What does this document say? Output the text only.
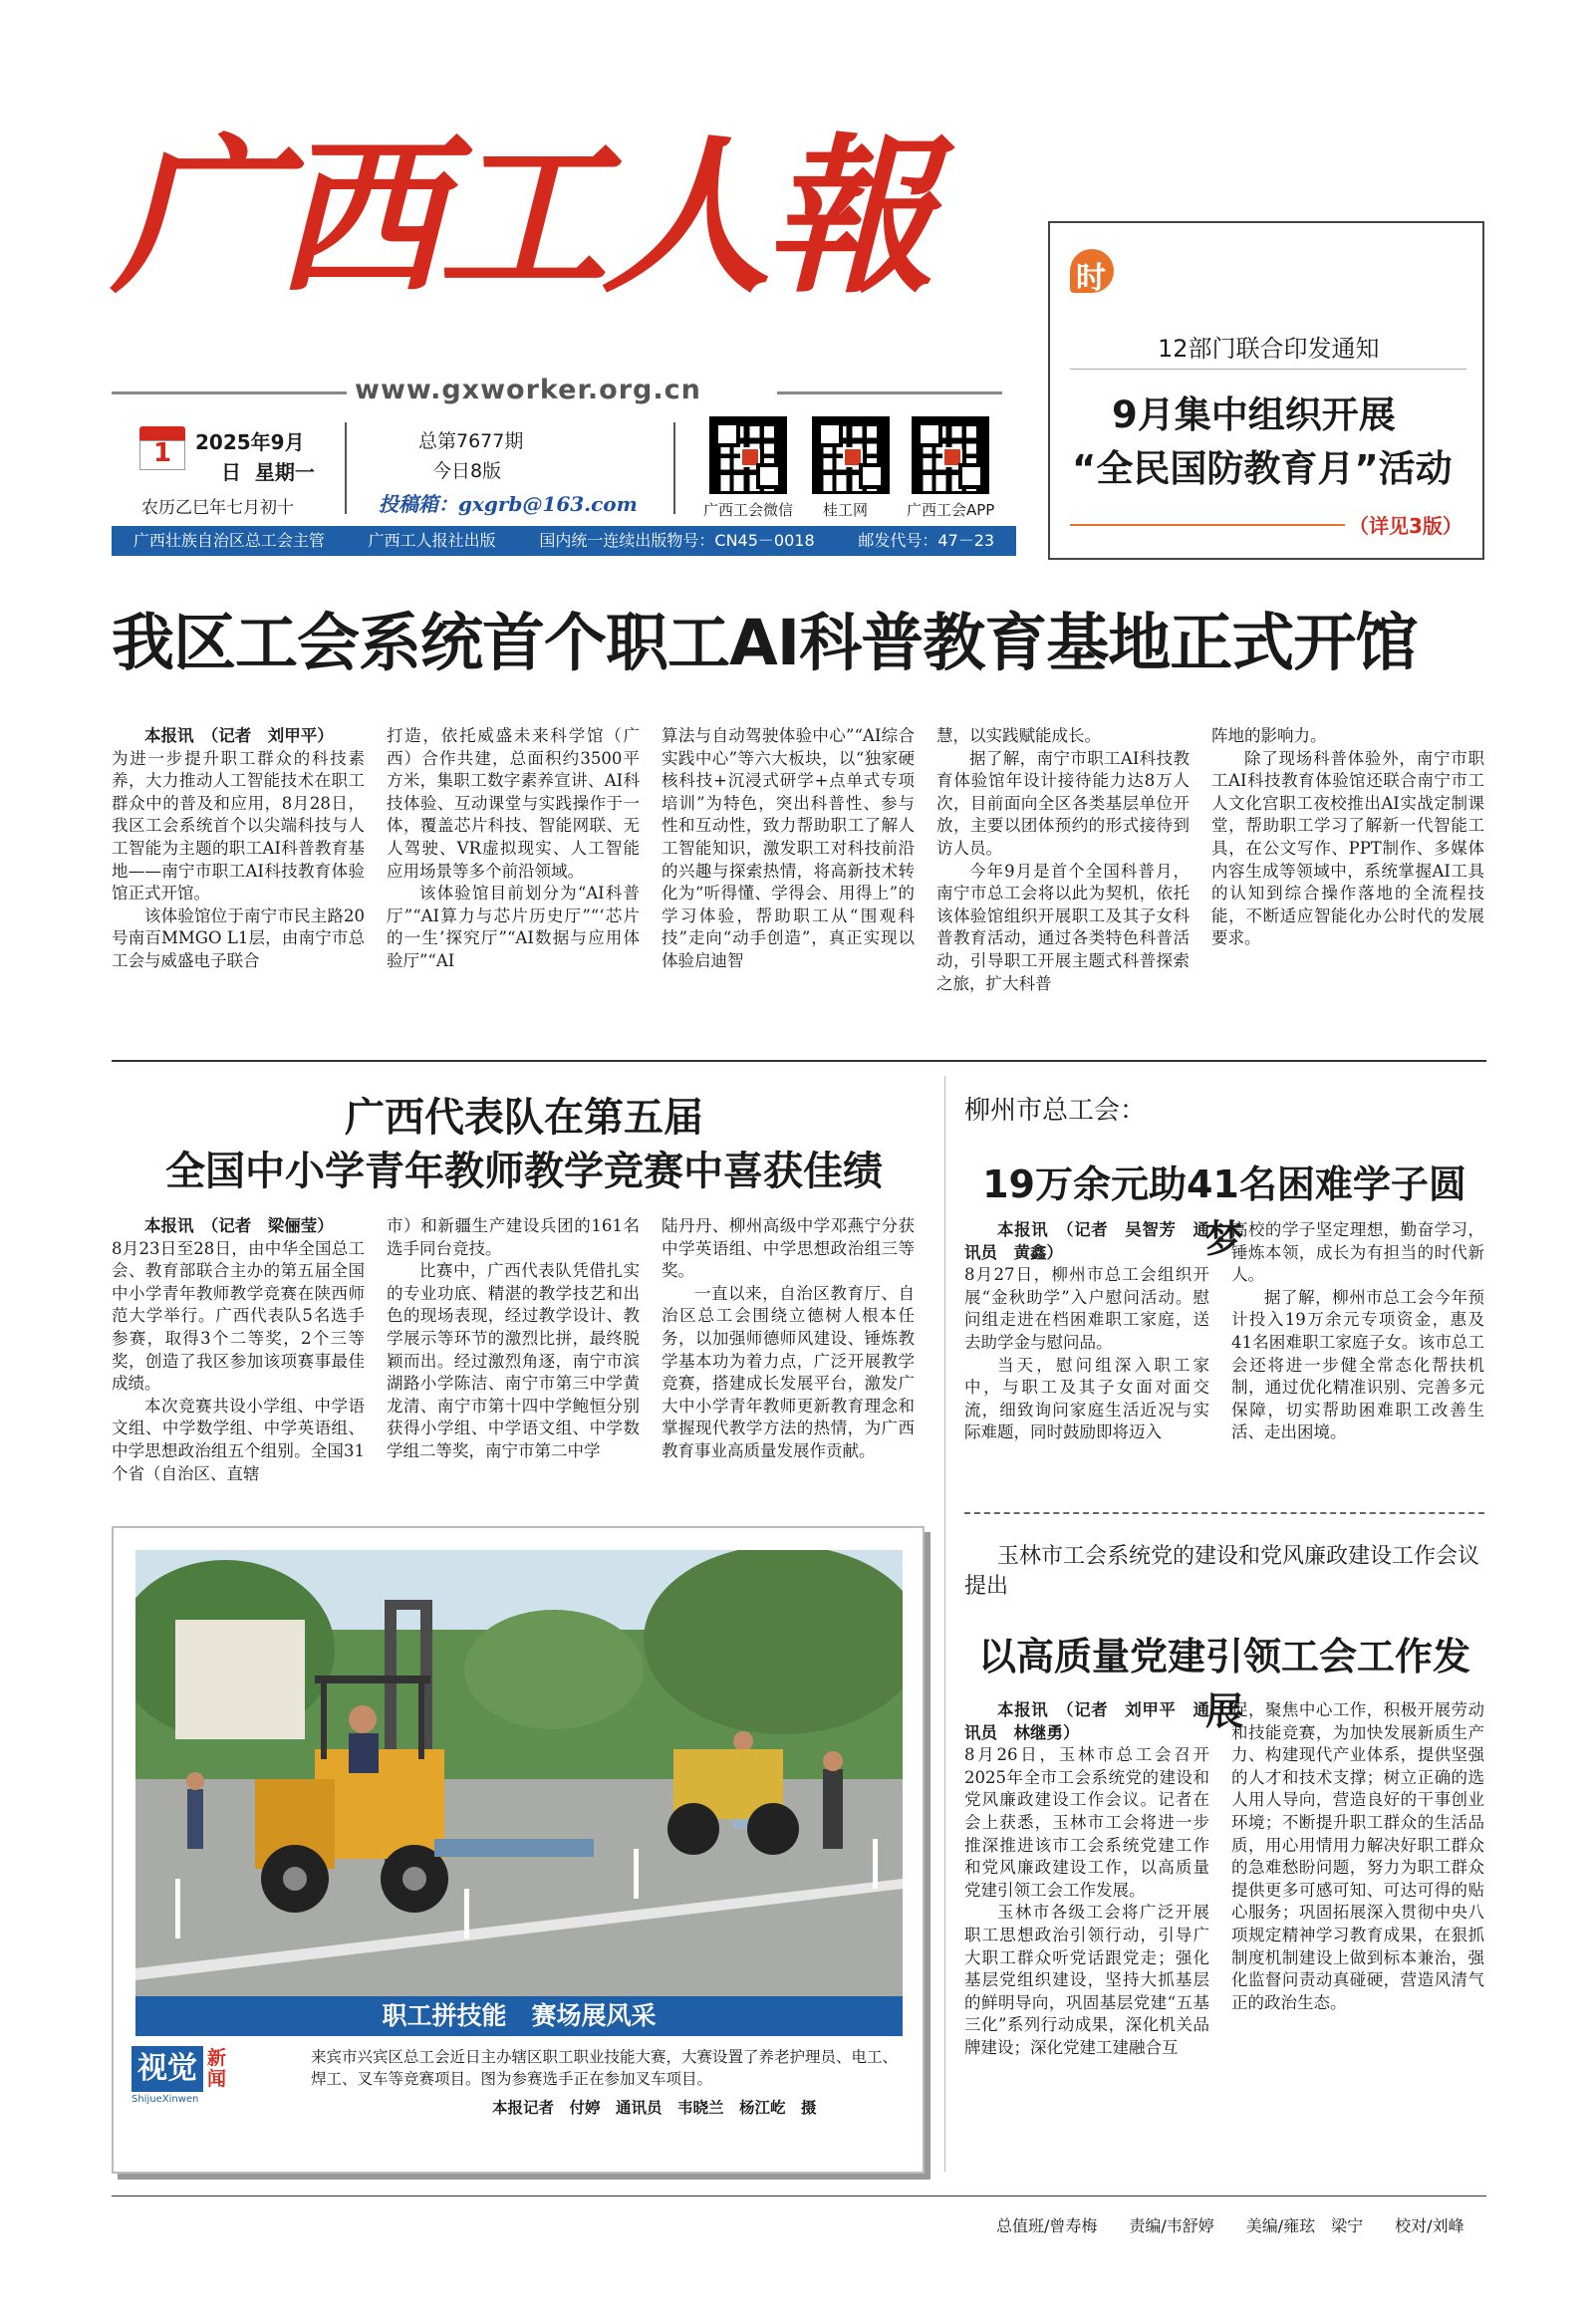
广西工人報
www.gxworker.org.cn
1	2025年9月
日  星期一
农历乙巳年七月初十
总第7677期
今日8版
投稿箱：gxgrb@163.com	广西工会微信 桂工网	广西工会APP
广西壮族自治区总工会主管	广西工人报社出版	国内统一连续出版物号：CN45－0018	邮发代号：47－23
时局
12部门联合印发通知
9月集中组织开展
“全民国防教育月”活动
（详见3版）
我区工会系统首个职工AI科普教育基地正式开馆

本报讯　（记者　刘甲平）

为进一步提升职工群众的科技素养，大力推动人工智能技术在职工群众中的普及和应用，8月28日，我区工会系统首个以尖端科技与人工智能为主题的职工AI科普教育基地——南宁市职工AI科技教育体验馆正式开馆。

该体验馆位于南宁市民主路20号南百MMGO L1层，由南宁市总工会与威盛电子联合

打造，依托威盛未来科学馆（广西）合作共建，总面积约3500平方米，集职工数字素养宣讲、AI科技体验、互动课堂与实践操作于一体，覆盖芯片科技、智能网联、无人驾驶、VR虚拟现实、人工智能应用场景等多个前沿领域。

该体验馆目前划分为“AI科普厅”“AI算力与芯片历史厅”“‘芯片的一生’探究厅”“AI数据与应用体验厅”“AI

算法与自动驾驶体验中心”“AI综合实践中心”等六大板块，以“独家硬核科技+沉浸式研学+点单式专项培训”为特色，突出科普性、参与性和互动性，致力帮助职工了解人工智能知识，激发职工对科技前沿的兴趣与探索热情，将高新技术转化为“听得懂、学得会、用得上”的学习体验，帮助职工从“围观科技”走向“动手创造”，真正实现以体验启迪智

慧，以实践赋能成长。

据了解，南宁市职工AI科技教育体验馆年设计接待能力达8万人次，目前面向全区各类基层单位开放，主要以团体预约的形式接待到访人员。

今年9月是首个全国科普月，南宁市总工会将以此为契机，依托该体验馆组织开展职工及其子女科普教育活动，通过各类特色科普活动，引导职工开展主题式科普探索之旅，扩大科普

阵地的影响力。

除了现场科普体验外，南宁市职工AI科技教育体验馆还联合南宁市工人文化宫职工夜校推出AI实战定制课堂，帮助职工学习了解新一代智能工具，在公文写作、PPT制作、多媒体内容生成等领域中，系统掌握AI工具的认知到综合操作落地的全流程技能，不断适应智能化办公时代的发展要求。

广西代表队在第五届
全国中小学青年教师教学竞赛中喜获佳绩

本报讯　（记者　梁俪莹）

8月23日至28日，由中华全国总工会、教育部联合主办的第五届全国中小学青年教师教学竞赛在陕西师范大学举行。广西代表队5名选手参赛，取得3个二等奖，2个三等奖，创造了我区参加该项赛事最佳成绩。

本次竞赛共设小学组、中学语文组、中学数学组、中学英语组、中学思想政治组五个组别。全国31个省（自治区、直辖

市）和新疆生产建设兵团的161名选手同台竞技。

比赛中，广西代表队凭借扎实的专业功底、精湛的教学技艺和出色的现场表现，经过教学设计、教学展示等环节的激烈比拼，最终脱颖而出。经过激烈角逐，南宁市滨湖路小学陈洁、南宁市第三中学黄龙清、南宁市第十四中学鲍恒分别获得小学组、中学语文组、中学数学组二等奖，南宁市第二中学

陆丹丹、柳州高级中学邓燕宁分获中学英语组、中学思想政治组三等奖。

一直以来，自治区教育厅、自治区总工会围绕立德树人根本任务，以加强师德师风建设、锤炼教学基本功为着力点，广泛开展教学竞赛，搭建成长发展平台，激发广大中小学青年教师更新教育理念和掌握现代教学方法的热情，为广西教育事业高质量发展作贡献。

柳州市总工会：
19万余元助41名困难学子圆梦

本报讯　（记者　吴智芳　通讯员　黄鑫）

8月27日，柳州市总工会组织开展“金秋助学”入户慰问活动。慰问组走进在档困难职工家庭，送去助学金与慰问品。

当天，慰问组深入职工家中，与职工及其子女面对面交流，细致询问家庭生活近况与实际难题，同时鼓励即将迈入

高校的学子坚定理想，勤奋学习，锤炼本领，成长为有担当的时代新人。

据了解，柳州市总工会今年预计投入19万余元专项资金，惠及41名困难职工家庭子女。该市总工会还将进一步健全常态化帮扶机制，通过优化精准识别、完善多元保障，切实帮助困难职工改善生活、走出困境。

玉林市工会系统党的建设和党风廉政建设工作会议提出
以高质量党建引领工会工作发展

本报讯　（记者　刘甲平　通讯员　林继勇）

8月26日，玉林市总工会召开2025年全市工会系统党的建设和党风廉政建设工作会议。记者在会上获悉，玉林市工会将进一步推深推进该市工会系统党建工作和党风廉政建设工作，以高质量党建引领工会工作发展。

玉林市各级工会将广泛开展职工思想政治引领行动，引导广大职工群众听党话跟党走；强化基层党组织建设，坚持大抓基层的鲜明导向，巩固基层党建“五基三化”系列行动成果，深化机关品牌建设；深化党建工建融合互

促，聚焦中心工作，积极开展劳动和技能竞赛，为加快发展新质生产力、构建现代产业体系，提供坚强的人才和技术支撑；树立正确的选人用人导向，营造良好的干事创业环境；不断提升职工群众的生活品质，用心用情用力解决好职工群众的急难愁盼问题，努力为职工群众提供更多可感可知、可达可得的贴心服务；巩固拓展深入贯彻中央八项规定精神学习教育成果，在狠抓制度机制建设上做到标本兼治，强化监督问责动真碰硬，营造风清气正的政治生态。

职工拼技能　赛场展风采
视觉 新闻
ShijueXinwen
来宾市兴宾区总工会近日主办辖区职工职业技能大赛，大赛设置了养老护理员、电工、焊工、叉车等竞赛项目。图为参赛选手正在参加叉车项目。
本报记者　付婷　通讯员　韦晓兰　杨江屹　摄
总值班/曾寿梅　　责编/韦舒婷　　美编/雍玹　梁宁　　校对/刘峰
